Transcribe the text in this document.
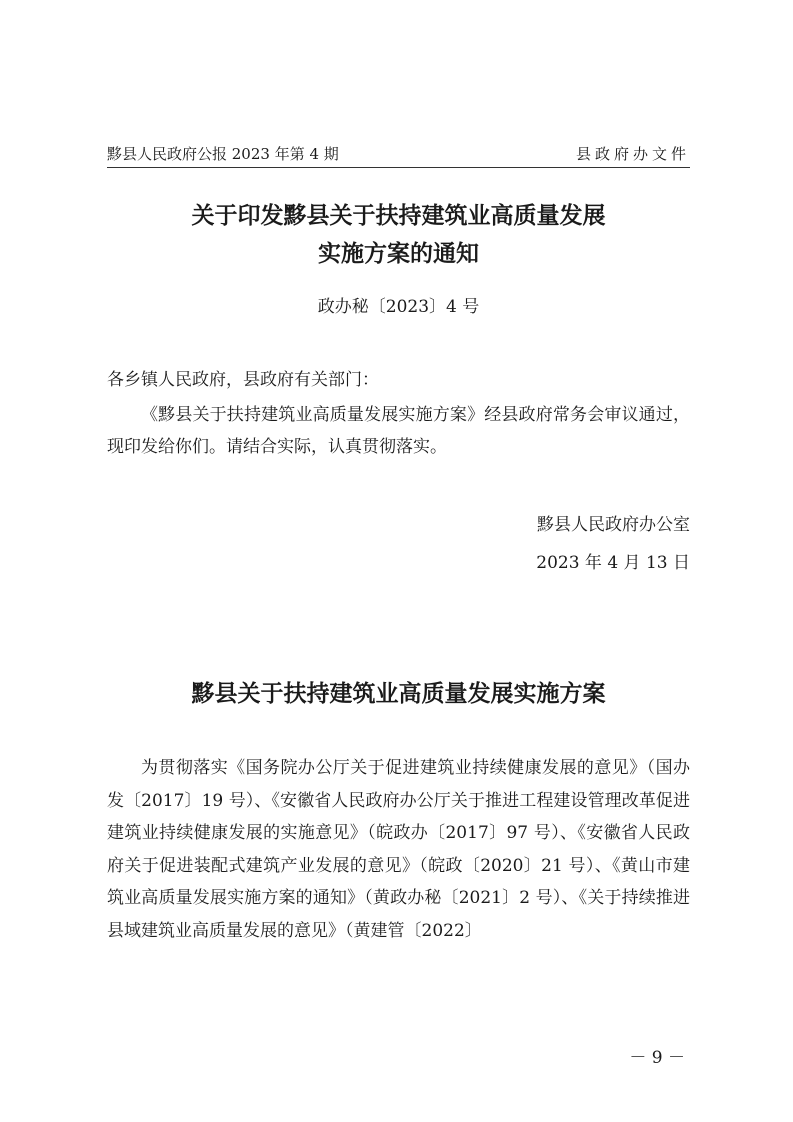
黟县人民政府公报 2023 年第 4 期	县政府办文件
关于印发黟县关于扶持建筑业高质量发展
实施方案的通知
政办秘〔2023〕4 号
各乡镇人民政府，县政府有关部门：
《黟县关于扶持建筑业高质量发展实施方案》经县政府常务会审议通过，现印发给你们。请结合实际，认真贯彻落实。
黟县人民政府办公室
2023 年 4 月 13 日
黟县关于扶持建筑业高质量发展实施方案
为贯彻落实《国务院办公厅关于促进建筑业持续健康发展的意见》（国办发〔2017〕19 号）、《安徽省人民政府办公厅关于推进工程建设管理改革促进建筑业持续健康发展的实施意见》（皖政办〔2017〕97 号）、《安徽省人民政府关于促进装配式建筑产业发展的意见》（皖政〔2020〕21 号）、《黄山市建筑业高质量发展实施方案的通知》（黄政办秘〔2021〕2 号）、《关于持续推进县域建筑业高质量发展的意见》（黄建管〔2022〕
－ 9 －
